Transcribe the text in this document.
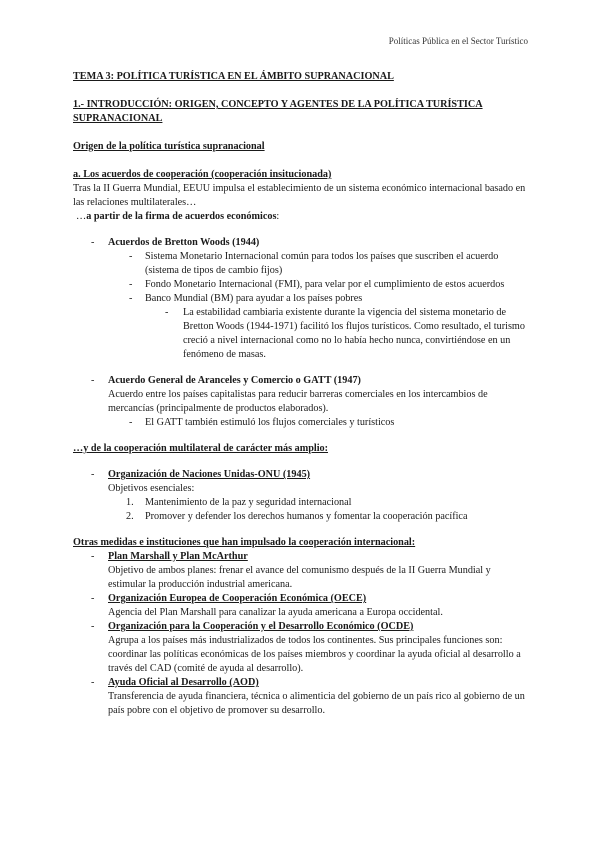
Políticas Pública en el Sector Turístico

TEMA 3: POLÍTICA TURÍSTICA EN EL ÁMBITO SUPRANACIONAL

1.- INTRODUCCIÓN: ORIGEN, CONCEPTO Y AGENTES DE LA POLÍTICA TURÍSTICA SUPRANACIONAL

Origen de la política turística supranacional

a. Los acuerdos de cooperación (cooperación insitucionada)

Tras la II Guerra Mundial, EEUU impulsa el establecimiento de un sistema económico internacional basado en las relaciones multilaterales…

…a partir de la firma de acuerdos económicos:

- Acuerdos de Bretton Woods (1944)
- Sistema Monetario Internacional común para todos los países que suscriben el acuerdo (sistema de tipos de cambio fijos)
- Fondo Monetario Internacional (FMI), para velar por el cumplimiento de estos acuerdos
- Banco Mundial (BM) para ayudar a los países pobres
- La estabilidad cambiaria existente durante la vigencia del sistema monetario de Bretton Woods (1944-1971) facilitó los flujos turísticos. Como resultado, el turismo creció a nivel internacional como no lo había hecho nunca, convirtiéndose en un fenómeno de masas.
- Acuerdo General de Aranceles y Comercio o GATT (1947)

Acuerdo entre los países capitalistas para reducir barreras comerciales en los intercambios de mercancías (principalmente de productos elaborados).

- El GATT también estimuló los flujos comerciales y turísticos

…y de la cooperación multilateral de carácter más amplio:

- Organización de Naciones Unidas-ONU (1945)

Objetivos esenciales:

1. Mantenimiento de la paz y seguridad internacional
2. Promover y defender los derechos humanos y fomentar la cooperación pacífica

Otras medidas e instituciones que han impulsado la cooperación internacional:

- Plan Marshall y Plan McArthur

Objetivo de ambos planes: frenar el avance del comunismo después de la II Guerra Mundial y estimular la producción industrial americana.

- Organización Europea de Cooperación Económica (OECE)

Agencia del Plan Marshall para canalizar la ayuda americana a Europa occidental.

- Organización para la Cooperación y el Desarrollo Económico (OCDE)

Agrupa a los países más industrializados de todos los continentes. Sus principales funciones son: coordinar las políticas económicas de los países miembros y coordinar la ayuda oficial al desarrollo a través del CAD (comité de ayuda al desarrollo).

- Ayuda Oficial al Desarrollo (AOD)

Transferencia de ayuda financiera, técnica o alimenticia del gobierno de un país rico al gobierno de un país pobre con el objetivo de promover su desarrollo.
